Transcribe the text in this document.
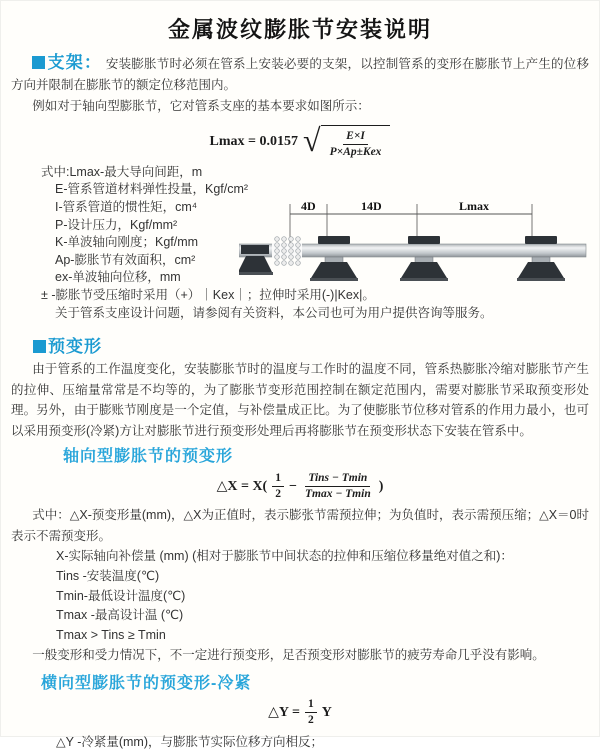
金属波纹膨胀节安装说明

支架： 安装膨胀节时必须在管系上安装必要的支架，以控制管系的变形在膨胀节上产生的位移方向并限制在膨胀节的额定位移范围内。

例如对于轴向型膨胀节，它对管系支座的基本要求如图所示：

Lmax = 0.0157 √ $\frac{E\times I}{\text{P×Ap±Kex}}$
式中:Lmax-最大导向间距，m
E-管系管道材料弹性投量，Kgf/cm²
I-管系管道的惯性矩，cm⁴
P-设计压力，Kgf/mm²
K-单波轴向刚度；Kgf/mm
Ap-膨胀节有效面积，cm²
ex-单波轴向位移，mm
± -膨胀节受压缩时采用（+）｜Kex｜；拉伸时采用(-)|Kex|。
关于管系支座设计问题，请参阅有关资料，本公司也可为用户提供咨询等服务。
4D	14D	Lmax
预变形

由于管系的工作温度变化，安装膨胀节时的温度与工作时的温度不同，管系热膨胀冷缩对膨胀节产生的拉伸、压缩量常常是不均等的，为了膨胀节变形范围控制在额定范围内，需要对膨胀节采取预变形处理。另外，由于膨账节刚度是一个定值，与补偿量成正比。为了使膨胀节位移对管系的作用力最小，也可以采用预变形(冷紧)方让对膨胀节进行预变形处理后再将膨胀节在预变形状态下安装在管系中。

轴向型膨胀节的预变形
△X = $X( \frac{1}{2} - \frac{\text{Tins − Tmin}}{Tmax - Tmin}$ )

式中：△X-预变形量(mm)，△X为正值时，表示膨张节需预拉伸；为负值时，表示需预压缩；△X＝0时表示不需预变形。

X-实际轴向补偿量 (mm) (相对于膨胀节中间状态的拉伸和压缩位移量绝对值之和)：
Tins -安装温度(℃)
Tmin-最低设计温度(℃)
Tmax -最高设计温 (℃)
Tmax > Tins ≥ Tmin

一般变形和受力情况下，不一定进行预变形，足否预变形对膨胀节的疲劳寿命几乎没有影响。

横向型膨胀节的预变形-冷紧
△Y = $\frac{1}{2}$ Y
△Y -冷紧量(mm)，与膨胀节实际位移方向相反；
